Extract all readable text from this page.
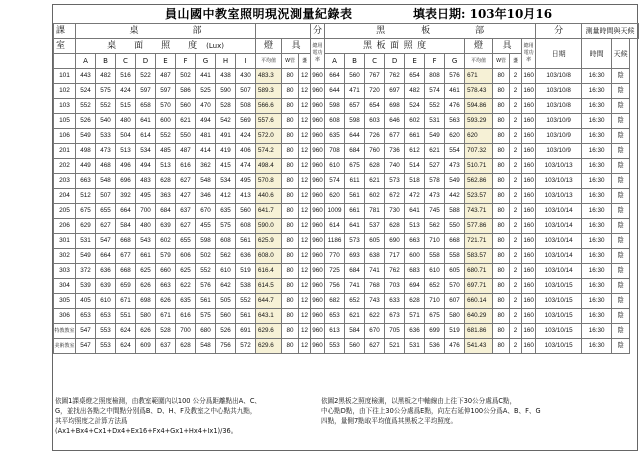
員山國中教室照明現況測量紀錄表	填表日期: 103年10月16
課	桌       部												分	黑     板      部											分	測量時間與天候	
室	桌   面   照   度  (Lux)									燈	具		總用電功率	黑  板  面  照  度							燈	具		總用電功率	日期	時間	天候
	A	B	C	D	E	F	G	H	I	平均值	W管	盞		A	B	C	D	E	F	G	平均值	W管	盞				
101	443	482	516	522	487	502	441	438	430	483.3	80	12	960	664	560	767	762	654	808	576	671	80	2	160	103/10/8	16:30	陰
102	524	575	424	597	597	586	525	590	507	589.3	80	12	960	644	471	720	697	482	574	461	578.43	80	2	160	103/10/8	16:30	陰
103	552	552	515	658	570	560	470	528	508	566.6	80	12	960	598	657	654	698	524	552	476	594.86	80	2	160	103/10/8	16:30	陰
105	526	540	480	641	600	621	494	542	569	557.6	80	12	960	608	598	603	646	602	531	563	593.29	80	2	160	103/10/9	16:30	陰
106	549	533	504	614	552	550	481	491	424	572.0	80	12	960	635	644	726	677	661	549	620	620	80	2	160	103/10/9	16:30	陰
201	498	473	513	534	485	487	414	419	406	574.2	80	12	960	708	684	760	736	612	621	554	707.32	80	2	160	103/10/9	16:30	陰
202	449	468	496	494	513	616	362	415	474	498.4	80	12	960	610	675	628	740	514	527	473	510.71	80	2	160	103/10/13	16:30	陰
203	663	548	696	483	628	627	548	534	495	570.8	80	12	960	574	611	621	573	518	578	549	562.86	80	2	160	103/10/13	16:30	陰
204	512	507	392	495	363	427	346	412	413	440.6	80	12	960	620	561	602	672	472	473	442	523.57	80	2	160	103/10/13	16:30	陰
205	675	655	664	700	684	637	670	635	560	641.7	80	12	960	1009	661	781	730	641	745	588	743.71	80	2	160	103/10/14	16:30	陰
206	629	627	584	480	639	627	455	575	608	590.0	80	12	960	614	641	537	628	513	562	550	577.86	80	2	160	103/10/14	16:30	陰
301	531	547	668	543	602	655	598	608	561	625.9	80	12	960	1186	573	605	690	663	710	668	721.71	80	2	160	103/10/14	16:30	陰
302	549	664	677	661	579	606	502	562	636	608.0	80	12	960	770	693	638	717	600	558	558	583.57	80	2	160	103/10/14	16:30	陰
303	372	636	668	625	660	625	552	610	519	616.4	80	12	960	725	684	741	762	683	610	605	680.71	80	2	160	103/10/14	16:30	陰
304	539	639	659	626	663	622	576	642	538	614.5	80	12	960	756	741	768	703	694	652	570	697.71	80	2	160	103/10/15	16:30	陰
305	405	610	671	698	626	635	561	505	552	644.7	80	12	960	682	652	743	633	628	710	607	660.14	80	2	160	103/10/15	16:30	陰
306	653	653	551	580	671	616	575	560	561	643.1	80	12	960	653	621	622	673	571	675	580	640.29	80	2	160	103/10/15	16:30	陰
特教教室	547	553	624	626	528	700	680	526	691	629.6	80	12	960	613	584	670	705	636	699	519	681.86	80	2	160	103/10/15	16:30	陰
美術教室	547	553	624	609	637	628	548	756	572	629.6	80	12	960	553	560	627	521	531	536	476	541.43	80	2	160	103/10/15	16:30	陰
依圖1課桌燈之照度檢測，由教室範圍內以100 公分爲距離點出A、C、
G，並找出各點之中間點分別爲B、D、H、F及教室之中心點共九點，
其平均照度之計算方法爲
(Ax1+Bx4+Cx1+Dx4+Ex16+Fx4+Gx1+Hx4+Ix1)/36。
依圖2黑板之照度檢測，以黑板之中軸線由上往下30公分處爲C點，
中心點D點，由下往上30公分處爲E點，向左右延伸100公分爲A、B、F、G
四點，量側7點取平均值爲其黑板之平均照度。
